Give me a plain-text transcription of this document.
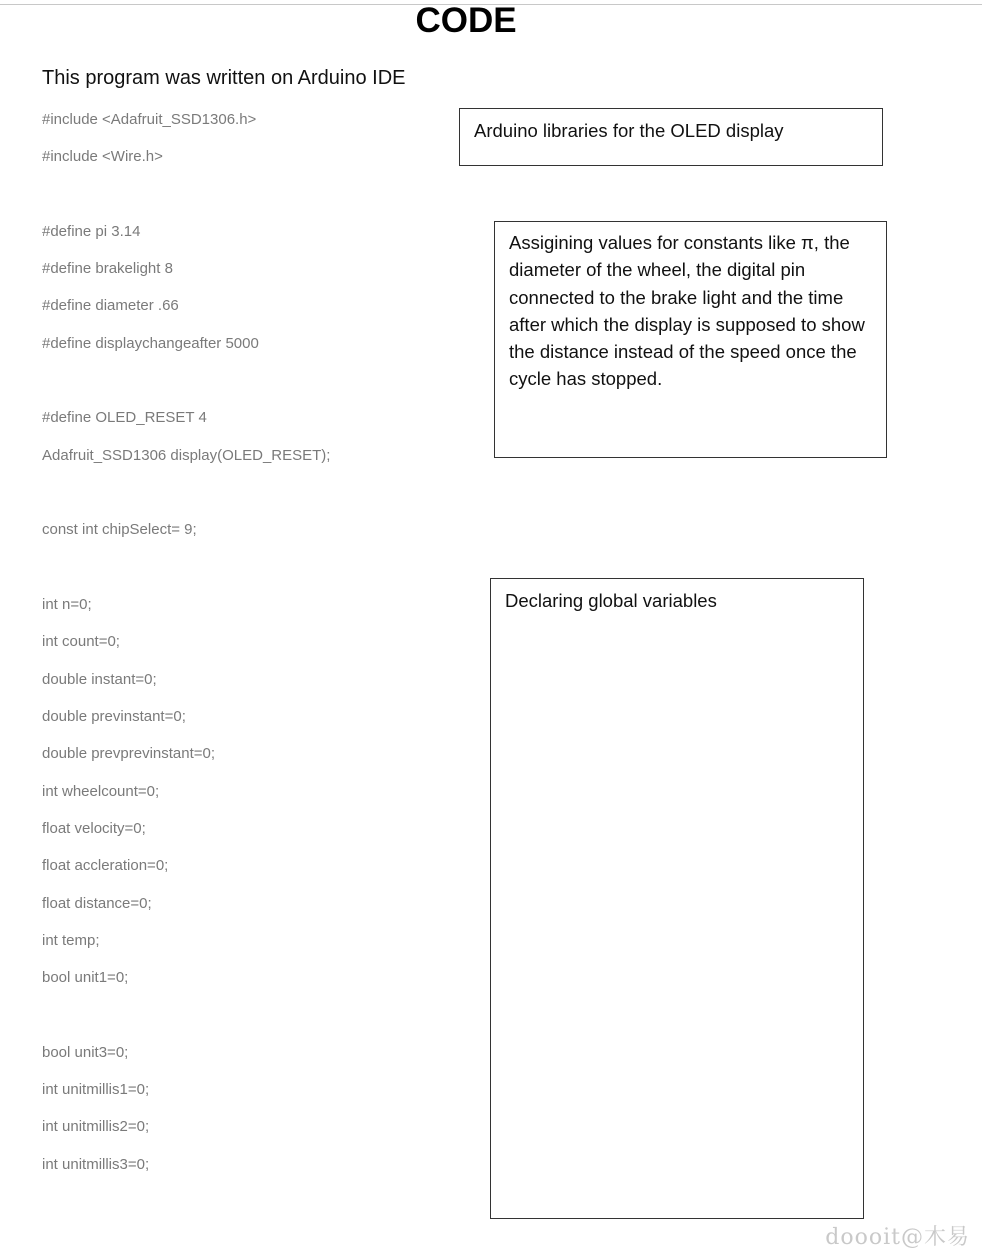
CODE
This program was written on Arduino IDE
#include <Adafruit_SSD1306.h>
#include <Wire.h>
#define pi 3.14
#define brakelight 8
#define diameter .66
#define displaychangeafter 5000
#define OLED_RESET 4
Adafruit_SSD1306 display(OLED_RESET);
const int chipSelect= 9;
int n=0;
int count=0;
double instant=0;
double previnstant=0;
double prevprevinstant=0;
int wheelcount=0;
float velocity=0;
float accleration=0;
float distance=0;
int temp;
bool unit1=0;
bool unit3=0;
int unitmillis1=0;
int unitmillis2=0;
int unitmillis3=0;
Arduino libraries for the OLED display
Assigining values for constants like π, the diameter of the wheel, the digital pin connected to the brake light and the time after which the display is supposed to show the distance instead of the speed once the cycle has stopped.
Declaring global variables
doooit@木易
